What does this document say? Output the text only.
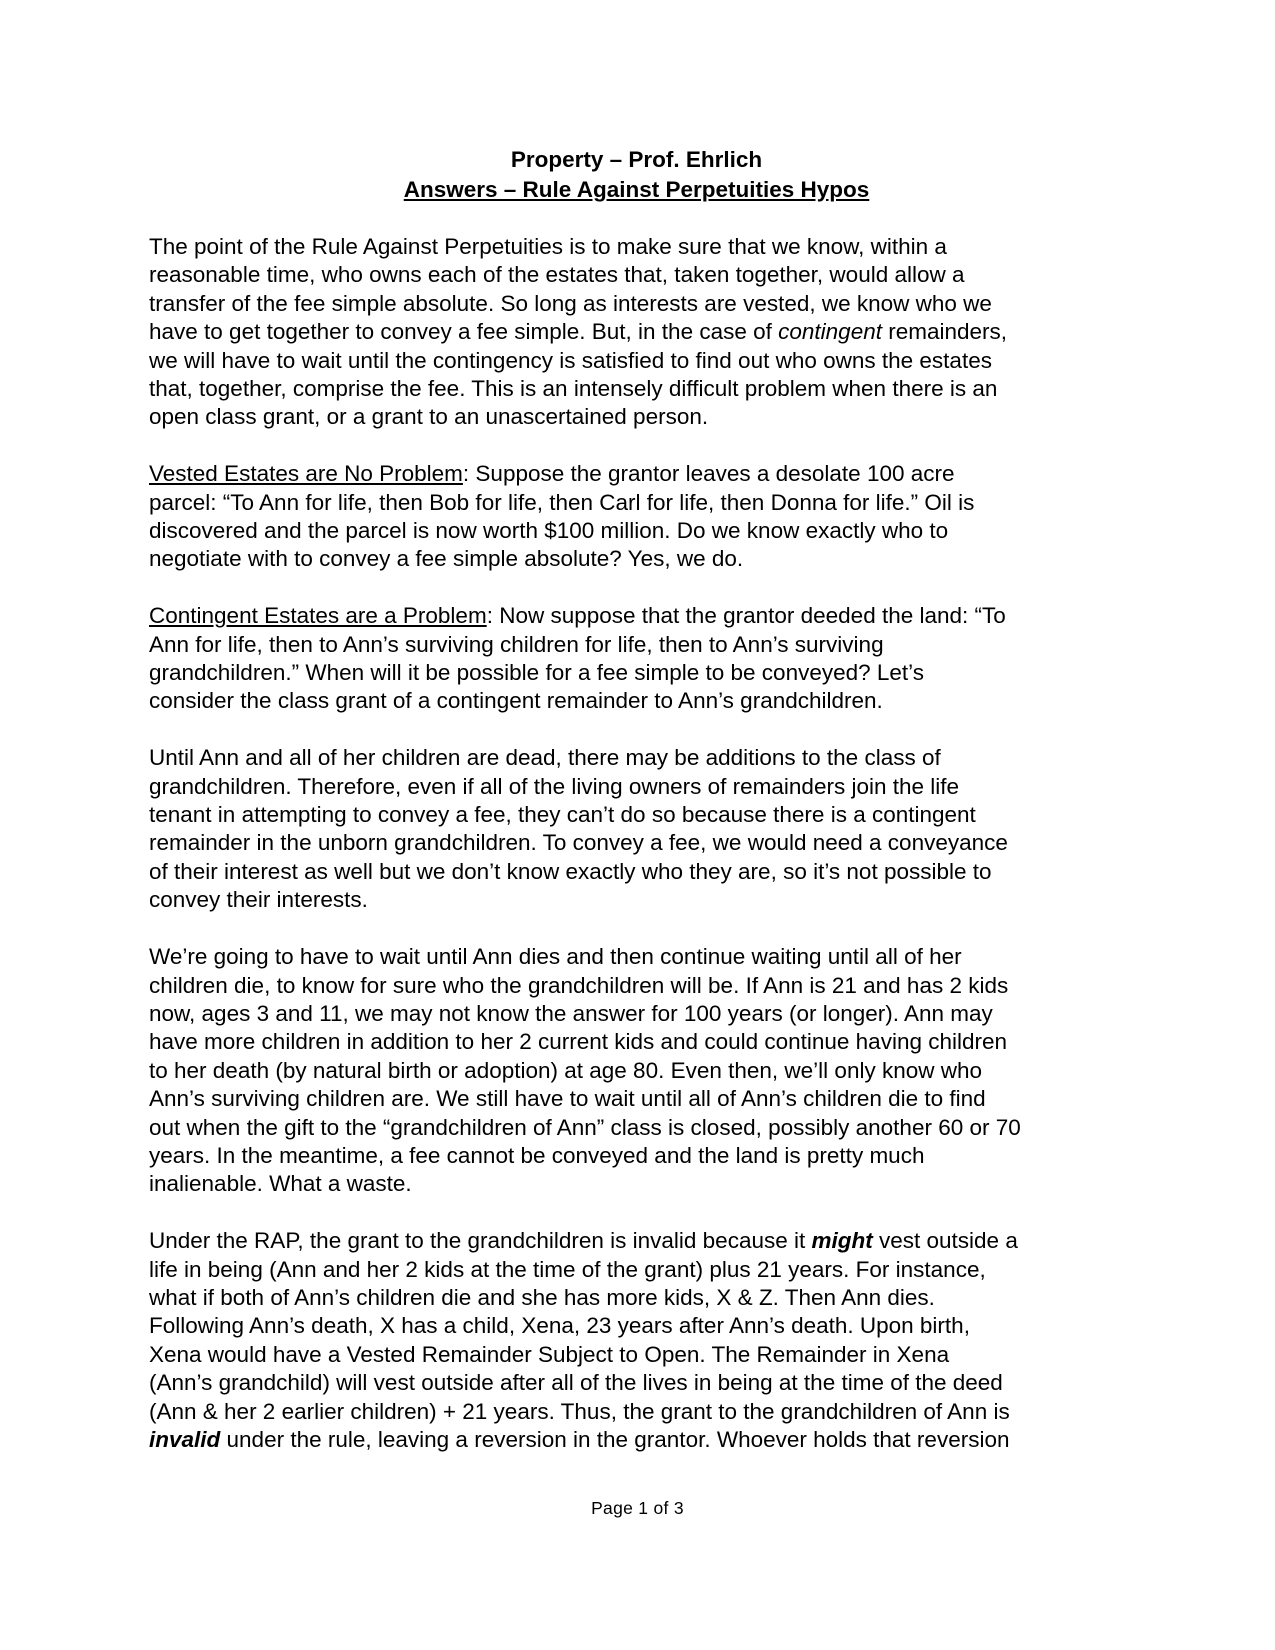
Property – Prof. Ehrlich
Answers – Rule Against Perpetuities Hypos

The point of the Rule Against Perpetuities is to make sure that we know, within a
reasonable time, who owns each of the estates that, taken together, would allow a
transfer of the fee simple absolute. So long as interests are vested, we know who we
have to get together to convey a fee simple. But, in the case of contingent remainders,
we will have to wait until the contingency is satisfied to find out who owns the estates
that, together, comprise the fee. This is an intensely difficult problem when there is an
open class grant, or a grant to an unascertained person.

Vested Estates are No Problem: Suppose the grantor leaves a desolate 100 acre
parcel: “To Ann for life, then Bob for life, then Carl for life, then Donna for life.” Oil is
discovered and the parcel is now worth $100 million. Do we know exactly who to
negotiate with to convey a fee simple absolute? Yes, we do.

Contingent Estates are a Problem: Now suppose that the grantor deeded the land: “To
Ann for life, then to Ann’s surviving children for life, then to Ann’s surviving
grandchildren.” When will it be possible for a fee simple to be conveyed? Let’s
consider the class grant of a contingent remainder to Ann’s grandchildren.

Until Ann and all of her children are dead, there may be additions to the class of
grandchildren. Therefore, even if all of the living owners of remainders join the life
tenant in attempting to convey a fee, they can’t do so because there is a contingent
remainder in the unborn grandchildren. To convey a fee, we would need a conveyance
of their interest as well but we don’t know exactly who they are, so it’s not possible to
convey their interests.

We’re going to have to wait until Ann dies and then continue waiting until all of her
children die, to know for sure who the grandchildren will be. If Ann is 21 and has 2 kids
now, ages 3 and 11, we may not know the answer for 100 years (or longer). Ann may
have more children in addition to her 2 current kids and could continue having children
to her death (by natural birth or adoption) at age 80. Even then, we’ll only know who
Ann’s surviving children are. We still have to wait until all of Ann’s children die to find
out when the gift to the “grandchildren of Ann” class is closed, possibly another 60 or 70
years. In the meantime, a fee cannot be conveyed and the land is pretty much
inalienable. What a waste.

Under the RAP, the grant to the grandchildren is invalid because it might vest outside a
life in being (Ann and her 2 kids at the time of the grant) plus 21 years. For instance,
what if both of Ann’s children die and she has more kids, X & Z. Then Ann dies.
Following Ann’s death, X has a child, Xena, 23 years after Ann’s death. Upon birth,
Xena would have a Vested Remainder Subject to Open. The Remainder in Xena
(Ann’s grandchild) will vest outside after all of the lives in being at the time of the deed
(Ann & her 2 earlier children) + 21 years. Thus, the grant to the grandchildren of Ann is
invalid under the rule, leaving a reversion in the grantor. Whoever holds that reversion

Page 1 of 3
